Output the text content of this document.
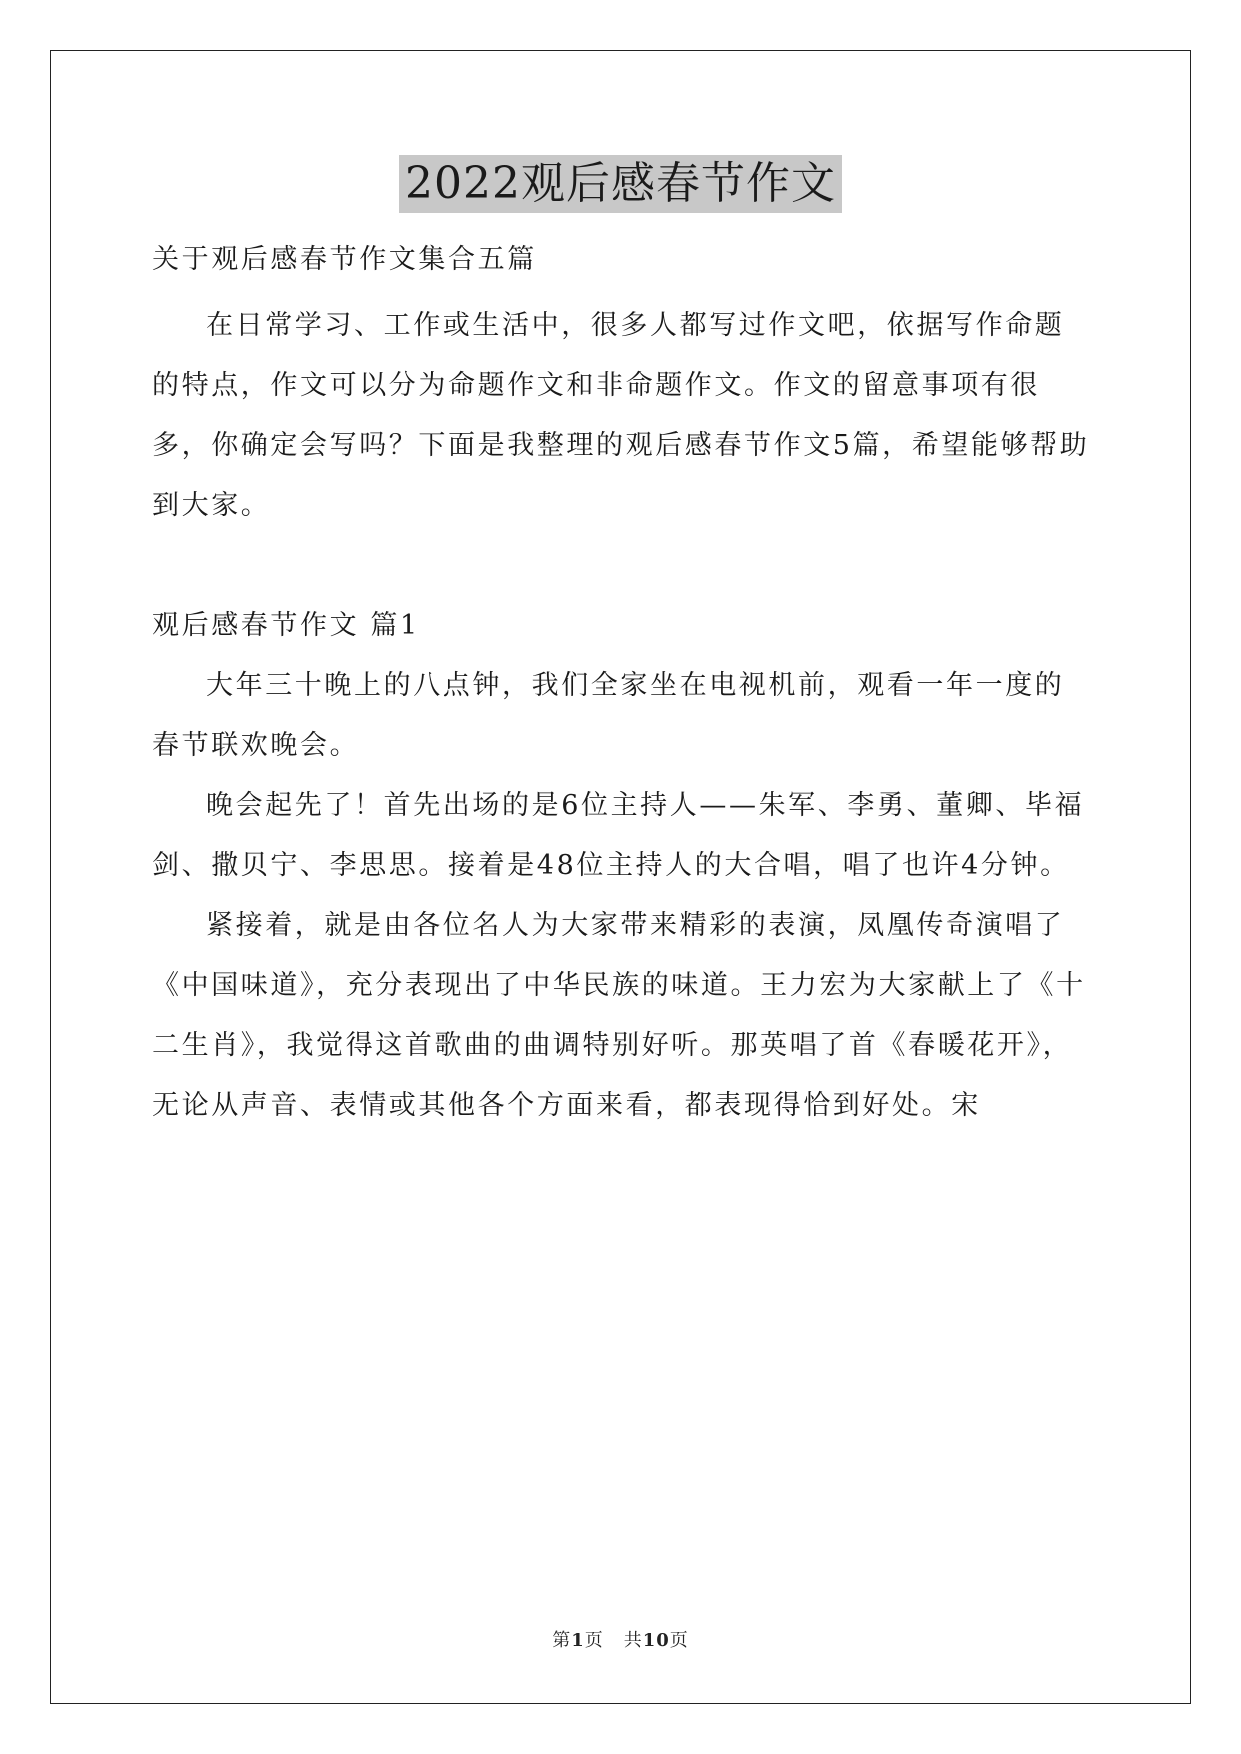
2022观后感春节作文

关于观后感春节作文集合五篇

在日常学习、工作或生活中，很多人都写过作文吧，依据写作命题的特点，作文可以分为命题作文和非命题作文。作文的留意事项有很多，你确定会写吗？下面是我整理的观后感春节作文5篇，希望能够帮助到大家。

观后感春节作文 篇1

大年三十晚上的八点钟，我们全家坐在电视机前，观看一年一度的春节联欢晚会。

晚会起先了！首先出场的是6位主持人——朱军、李勇、董卿、毕福剑、撒贝宁、李思思。接着是48位主持人的大合唱，唱了也许4分钟。

紧接着，就是由各位名人为大家带来精彩的表演，凤凰传奇演唱了《中国味道》，充分表现出了中华民族的味道。王力宏为大家献上了《十二生肖》，我觉得这首歌曲的曲调特别好听。那英唱了首《春暖花开》，无论从声音、表情或其他各个方面来看，都表现得恰到好处。宋

第1页 共10页
